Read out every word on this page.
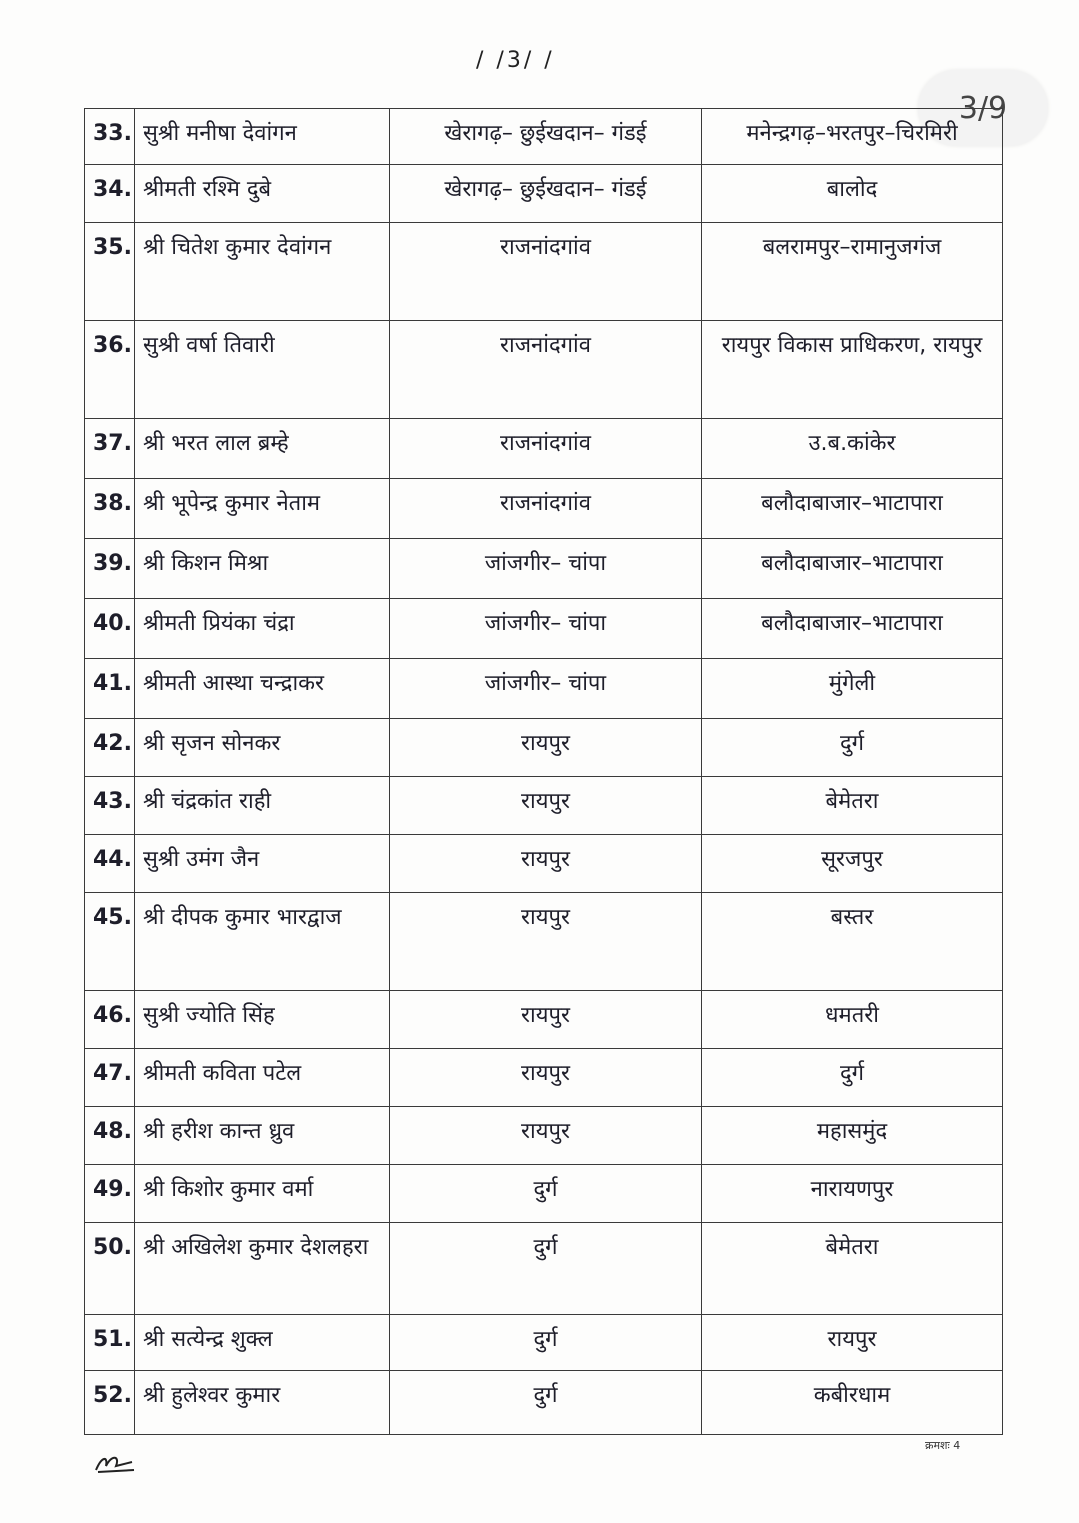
/ /3/ /
3/9
33.	सुश्री मनीषा देवांगन	खेरागढ़– छुईखदान– गंडई	मनेन्द्रगढ़–भरतपुर–चिरमिरी
34.	श्रीमती रश्मि दुबे	खेरागढ़– छुईखदान– गंडई	बालोद
35.	श्री चितेश कुमार देवांगन	राजनांदगांव	बलरामपुर–रामानुजगंज
36.	सुश्री वर्षा तिवारी	राजनांदगांव	रायपुर विकास प्राधिकरण, रायपुर
37.	श्री भरत लाल ब्रम्हे	राजनांदगांव	उ.ब.कांकेर
38.	श्री भूपेन्द्र कुमार नेताम	राजनांदगांव	बलौदाबाजार–भाटापारा
39.	श्री किशन मिश्रा	जांजगीर– चांपा	बलौदाबाजार–भाटापारा
40.	श्रीमती प्रियंका चंद्रा	जांजगीर– चांपा	बलौदाबाजार–भाटापारा
41.	श्रीमती आस्था चन्द्राकर	जांजगीर– चांपा	मुंगेली
42.	श्री सृजन सोनकर	रायपुर	दुर्ग
43.	श्री चंद्रकांत राही	रायपुर	बेमेतरा
44.	सुश्री उमंग जैन	रायपुर	सूरजपुर
45.	श्री दीपक कुमार भारद्वाज	रायपुर	बस्तर
46.	सुश्री ज्योति सिंह	रायपुर	धमतरी
47.	श्रीमती कविता पटेल	रायपुर	दुर्ग
48.	श्री हरीश कान्त ध्रुव	रायपुर	महासमुंद
49.	श्री किशोर कुमार वर्मा	दुर्ग	नारायणपुर
50.	श्री अखिलेश कुमार देशलहरा	दुर्ग	बेमेतरा
51.	श्री सत्येन्द्र शुक्ल	दुर्ग	रायपुर
52.	श्री हुलेश्वर कुमार	दुर्ग	कबीरधाम
क्रमशः 4
